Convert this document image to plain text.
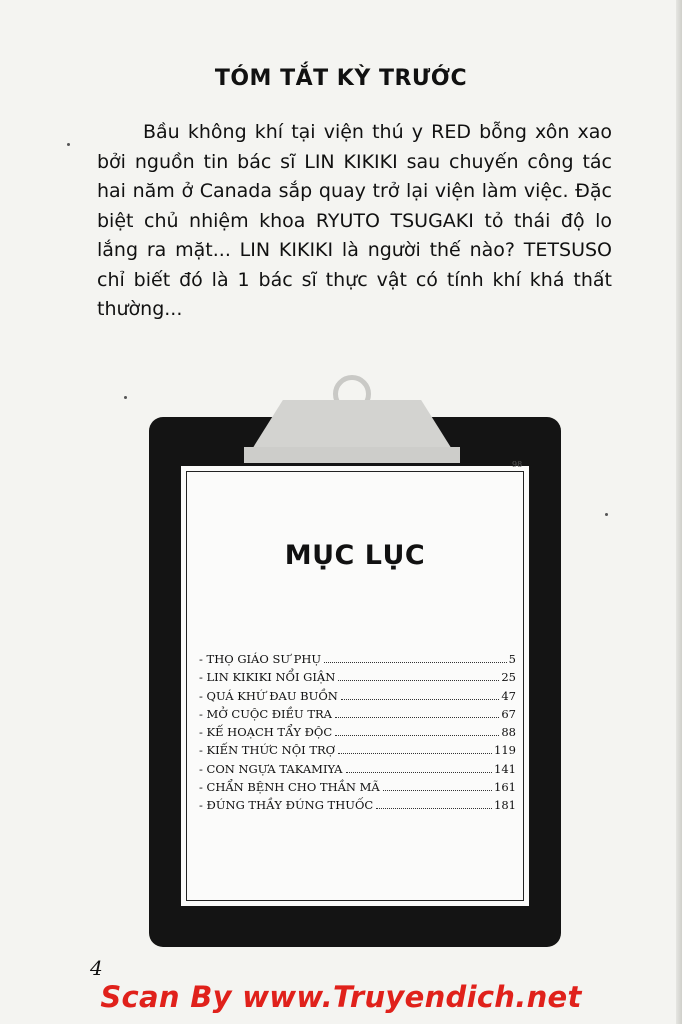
TÓM TẮT KỲ TRƯỚC

Bầu không khí tại viện thú y RED bỗng xôn xao bởi nguồn tin bác sĩ LIN KIKIKI sau chuyến công tác hai năm ở Canada sắp quay trở lại viện làm việc. Đặc biệt chủ nhiệm khoa RYUTO TSUGAKI tỏ thái độ lo lắng ra mặt... LIN KIKIKI là người thế nào? TETSUSO chỉ biết đó là 1 bác sĩ thực vật có tính khí khá thất thường...

98
MỤC LỤC
- THỌ GIÁO SƯ PHỤ	5
- LIN KIKIKI NỔI GIẬN	25
- QUÁ KHỨ ĐAU BUỒN	47
- MỞ CUỘC ĐIỀU TRA	67
- KẾ HOẠCH TẨY ĐỘC	88
- KIẾN THỨC NỘI TRỢ	119
- CON NGỰA TAKAMIYA	141
- CHẨN BỆNH CHO THẦN MÃ	161
- ĐÚNG THẦY ĐÚNG THUỐC	181
4
Scan By www.Truyendich.net
